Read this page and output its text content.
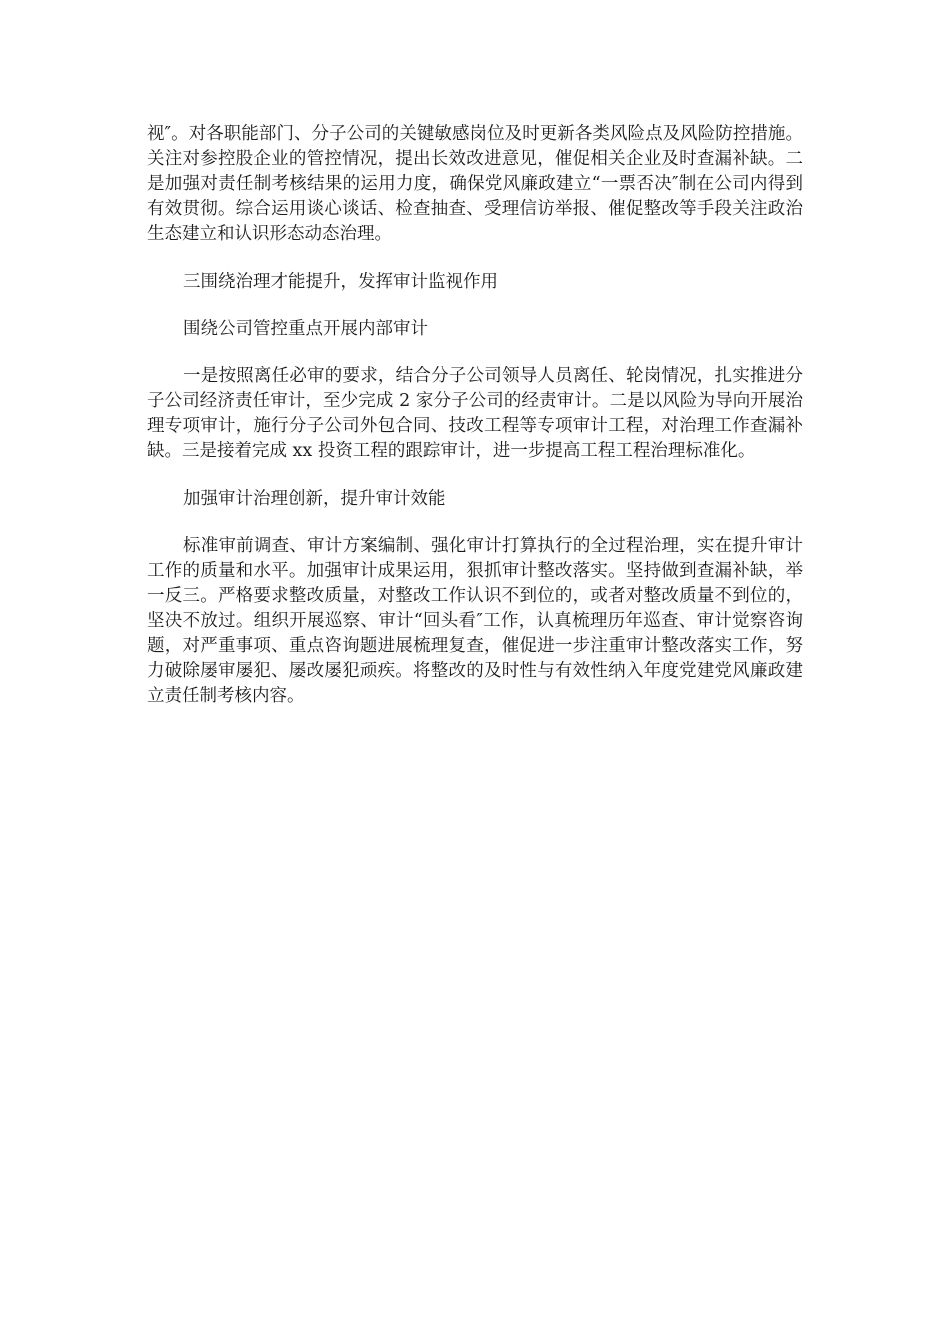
视″。对各职能部门、分子公司的关键敏感岗位及时更新各类风险点及风险防控措施。关注对参控股企业的管控情况，提出长效改进意见，催促相关企业及时查漏补缺。二是加强对责任制考核结果的运用力度，确保党风廉政建立“一票否决″制在公司内得到有效贯彻。综合运用谈心谈话、检查抽查、受理信访举报、催促整改等手段关注政治生态建立和认识形态动态治理。

三围绕治理才能提升，发挥审计监视作用

围绕公司管控重点开展内部审计

一是按照离任必审的要求，结合分子公司领导人员离任、轮岗情况，扎实推进分子公司经济责任审计，至少完成 2 家分子公司的经责审计。二是以风险为导向开展治理专项审计，施行分子公司外包合同、技改工程等专项审计工程，对治理工作查漏补缺。三是接着完成 xx 投资工程的跟踪审计，进一步提高工程工程治理标准化。

加强审计治理创新，提升审计效能

标准审前调查、审计方案编制、强化审计打算执行的全过程治理，实在提升审计工作的质量和水平。加强审计成果运用，狠抓审计整改落实。坚持做到查漏补缺，举一反三。严格要求整改质量，对整改工作认识不到位的，或者对整改质量不到位的，坚决不放过。组织开展巡察、审计“回头看″工作，认真梳理历年巡查、审计觉察咨询题，对严重事项、重点咨询题进展梳理复查，催促进一步注重审计整改落实工作，努力破除屡审屡犯、屡改屡犯顽疾。将整改的及时性与有效性纳入年度党建党风廉政建立责任制考核内容。
